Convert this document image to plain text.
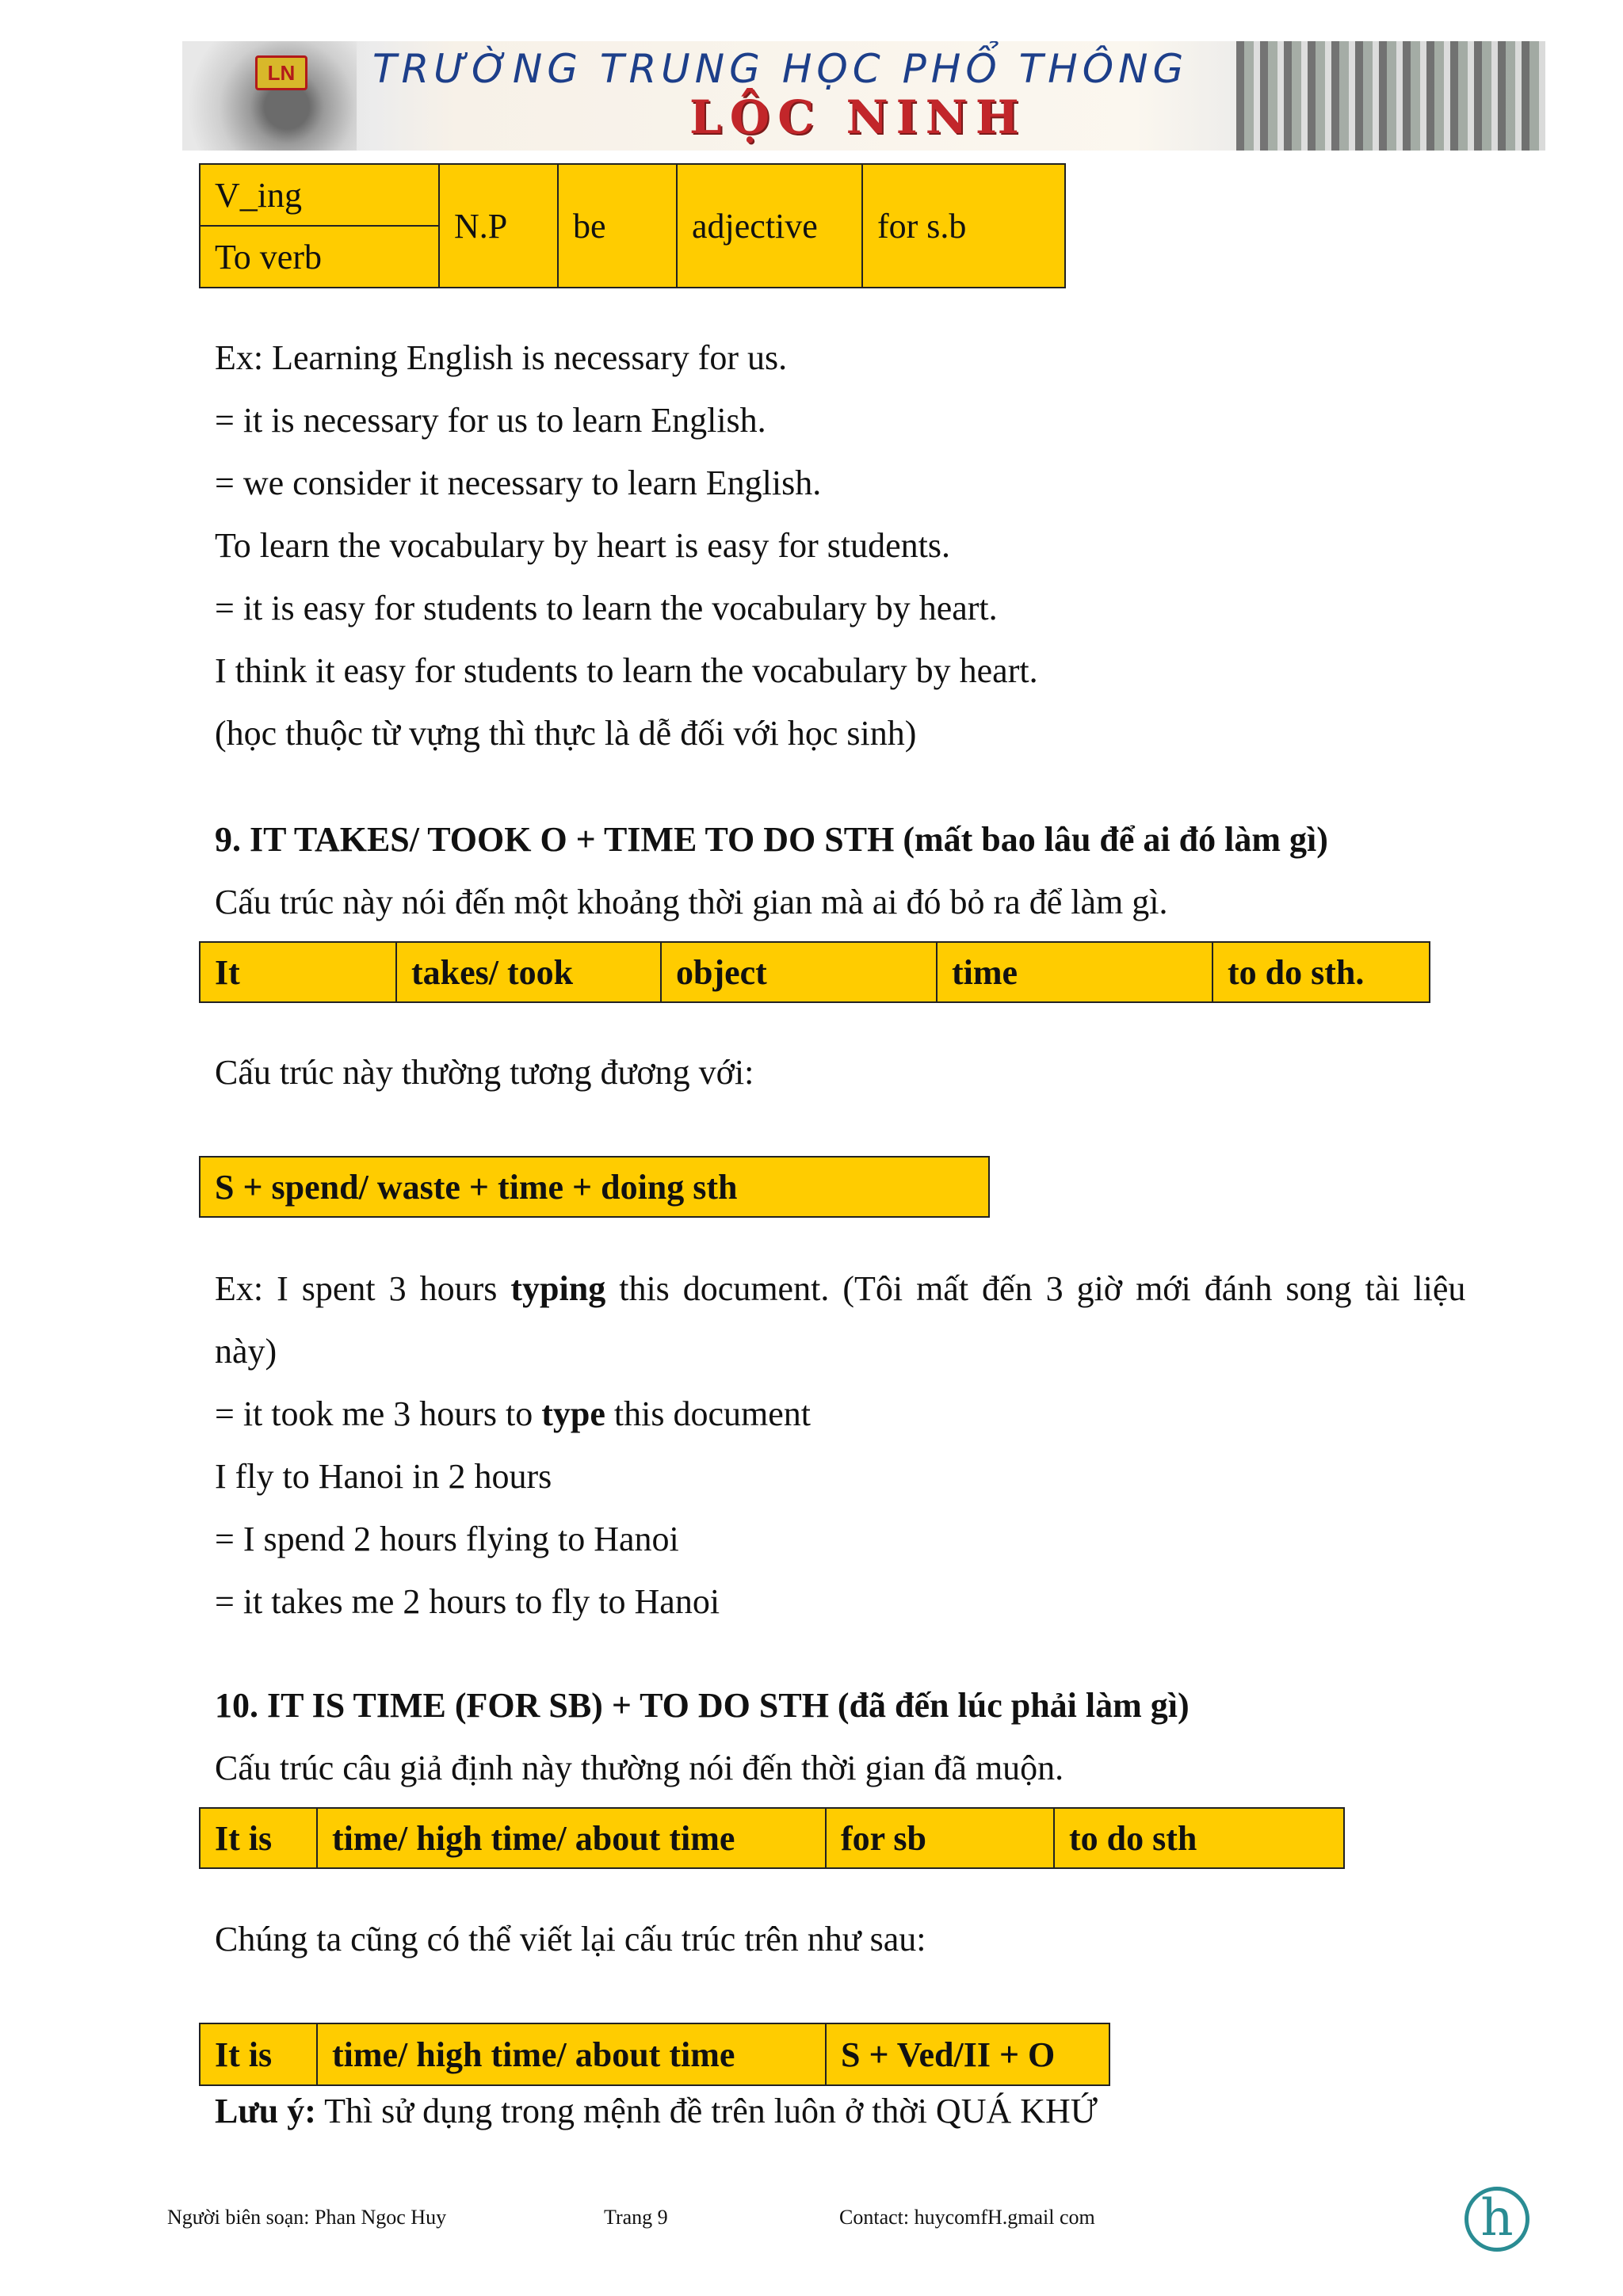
LN	TRƯỜNG TRUNG HỌC PHỔ THÔNG
LỘC NINH
V_ing	N.P	be	adjective	for s.b
To verb
Ex: Learning English is necessary for us.
= it is necessary for us to learn English.
= we consider it necessary to learn English.
To learn the vocabulary by heart is easy for students.
= it is easy for students to learn the vocabulary by heart.
I think it easy for students to learn the vocabulary by heart.
(học thuộc từ vựng thì thực là dễ đối với học sinh)
9. IT TAKES/ TOOK O + TIME TO DO STH (mất bao lâu để ai đó làm gì)
Cấu trúc này nói đến một khoảng thời gian mà ai đó bỏ ra để làm gì.
It	takes/ took	object	time	to do sth.
Cấu trúc này thường tương đương với:
S + spend/ waste + time + doing sth
Ex: I spent 3 hours typing this document. (Tôi mất đến 3 giờ mới đánh song tài liệu
này)
= it took me 3 hours to type this document
I fly to Hanoi in 2 hours
= I spend 2 hours flying to Hanoi
= it takes me 2 hours to fly to Hanoi
10. IT IS TIME (FOR SB) + TO DO STH (đã đến lúc phải làm gì)
Cấu trúc câu giả định này thường nói đến thời gian đã muộn.
It is	time/ high time/ about time	for sb	to do sth
Chúng ta cũng có thể viết lại cấu trúc trên như sau:
It is	time/ high time/ about time	S + Ved/II + O
Lưu ý: Thì sử dụng trong mệnh đề trên luôn ở thời QUÁ KHỨ
Người biên soạn: Phan Ngoc Huy	Trang 9	Contact: huycomfH.gmail com	h
